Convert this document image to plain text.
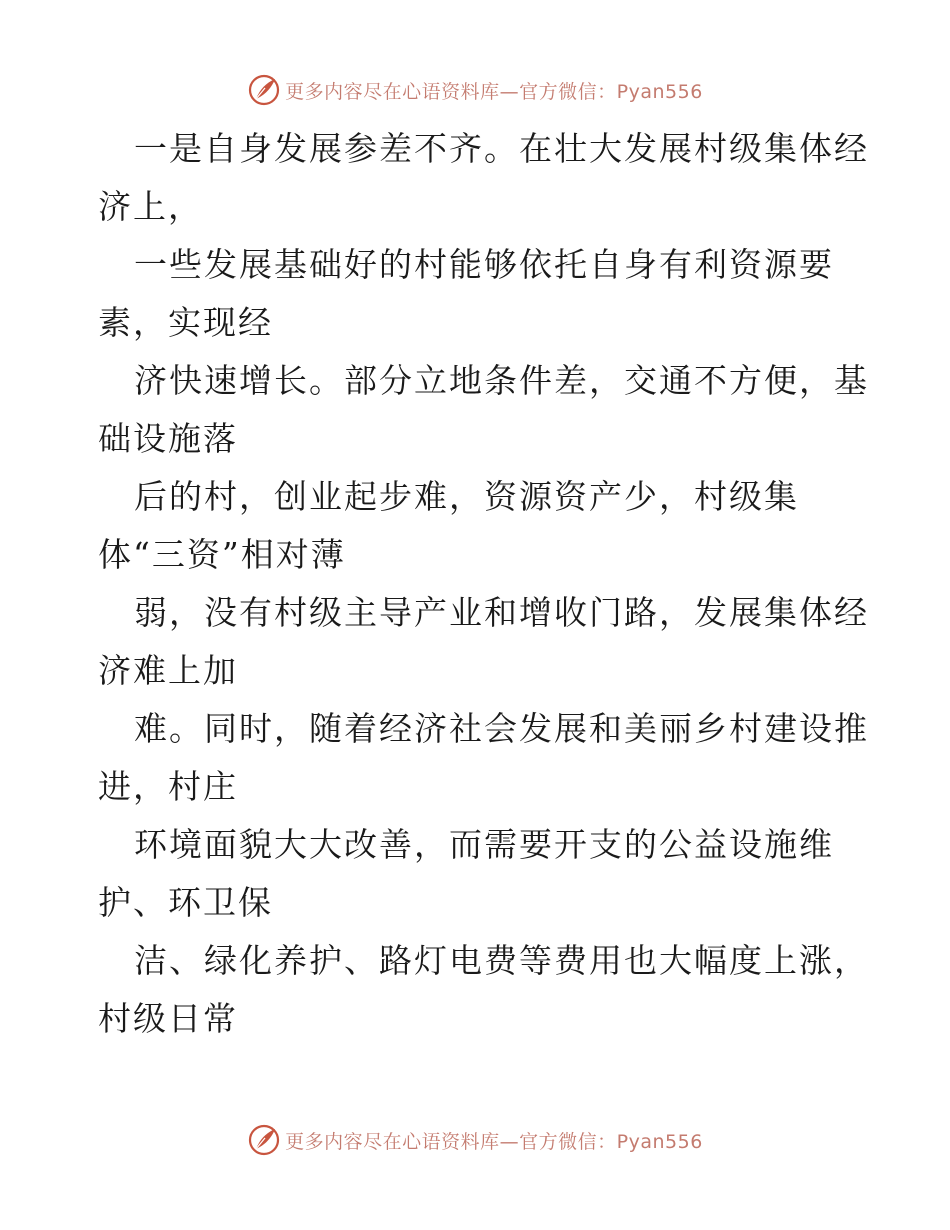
更多内容尽在心语资料库—官方微信：Pyan556
一是自身发展参差不齐。在壮大发展村级集体经
济上，
一些发展基础好的村能够依托自身有利资源要
素，实现经
济快速增长。部分立地条件差，交通不方便，基
础设施落
后的村，创业起步难，资源资产少，村级集
体“三资”相对薄
弱，没有村级主导产业和增收门路，发展集体经
济难上加
难。同时，随着经济社会发展和美丽乡村建设推
进，村庄
环境面貌大大改善，而需要开支的公益设施维
护、环卫保
洁、绿化养护、路灯电费等费用也大幅度上涨，
村级日常
更多内容尽在心语资料库—官方微信：Pyan556
